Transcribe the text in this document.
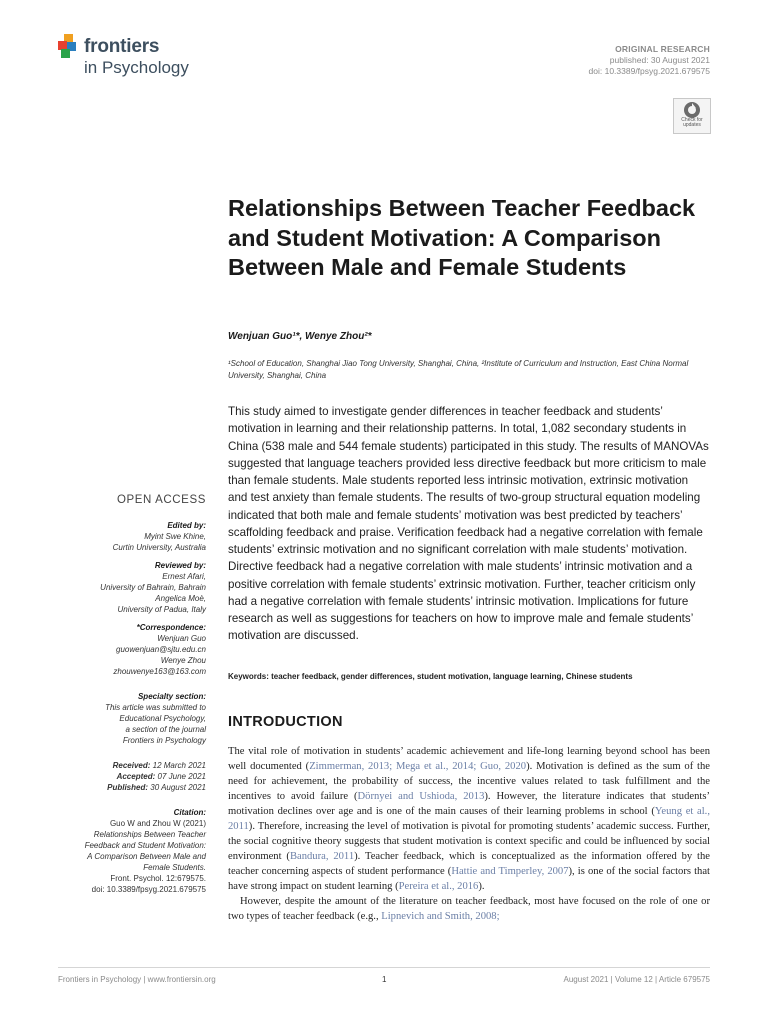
frontiers
in Psychology
ORIGINAL RESEARCH
published: 30 August 2021
doi: 10.3389/fpsyg.2021.679575
Check for updates
Relationships Between Teacher Feedback and Student Motivation: A Comparison Between Male and Female Students
Wenjuan Guo¹*, Wenye Zhou²*
¹School of Education, Shanghai Jiao Tong University, Shanghai, China, ²Institute of Curriculum and Instruction, East China Normal University, Shanghai, China
This study aimed to investigate gender differences in teacher feedback and students’ motivation in learning and their relationship patterns. In total, 1,082 secondary students in China (538 male and 544 female students) participated in this study. The results of MANOVAs suggested that language teachers provided less directive feedback but more criticism to male than female students. Male students reported less intrinsic motivation, extrinsic motivation and test anxiety than female students. The results of two-group structural equation modeling indicated that both male and female students’ motivation was best predicted by teachers’ scaffolding feedback and praise. Verification feedback had a negative correlation with female students’ extrinsic motivation and no significant correlation with male students’ motivation. Directive feedback had a negative correlation with male students’ intrinsic motivation and a positive correlation with female students’ extrinsic motivation. Further, teacher criticism only had a negative correlation with female students’ intrinsic motivation. Implications for future research as well as suggestions for teachers on how to improve male and female students’ motivation are discussed.
Keywords: teacher feedback, gender differences, student motivation, language learning, Chinese students
INTRODUCTION

The vital role of motivation in students’ academic achievement and life-long learning beyond school has been well documented (Zimmerman, 2013; Mega et al., 2014; Guo, 2020). Motivation is defined as the sum of the need for achievement, the probability of success, the incentive values related to task fulfillment and the incentives to avoid failure (Dörnyei and Ushioda, 2013). However, the literature indicates that students’ motivation declines over age and is one of the main causes of their learning problems in school (Yeung et al., 2011). Therefore, increasing the level of motivation is pivotal for promoting students’ academic success. Further, the social cognitive theory suggests that student motivation is context specific and could be influenced by social environment (Bandura, 2011). Teacher feedback, which is conceptualized as the information offered by the teacher concerning aspects of student performance (Hattie and Timperley, 2007), is one of the social factors that have strong impact on student learning (Pereira et al., 2016).

However, despite the amount of the literature on teacher feedback, most have focused on the role of one or two types of teacher feedback (e.g., Lipnevich and Smith, 2008;

OPEN ACCESS
Edited by:
Myint Swe Khine,
Curtin University, Australia
Reviewed by:
Ernest Afari,
University of Bahrain, Bahrain
Angelica Moè,
University of Padua, Italy
*Correspondence:
Wenjuan Guo
guowenjuan@sjtu.edu.cn
Wenye Zhou
zhouwenye163@163.com
Specialty section:
This article was submitted to
Educational Psychology,
a section of the journal
Frontiers in Psychology
Received: 12 March 2021
Accepted: 07 June 2021
Published: 30 August 2021
Citation:
Guo W and Zhou W (2021)
Relationships Between Teacher
Feedback and Student Motivation:
A Comparison Between Male and
Female Students.
Front. Psychol. 12:679575.
doi: 10.3389/fpsyg.2021.679575
Frontiers in Psychology | www.frontiersin.org	1	August 2021 | Volume 12 | Article 679575
